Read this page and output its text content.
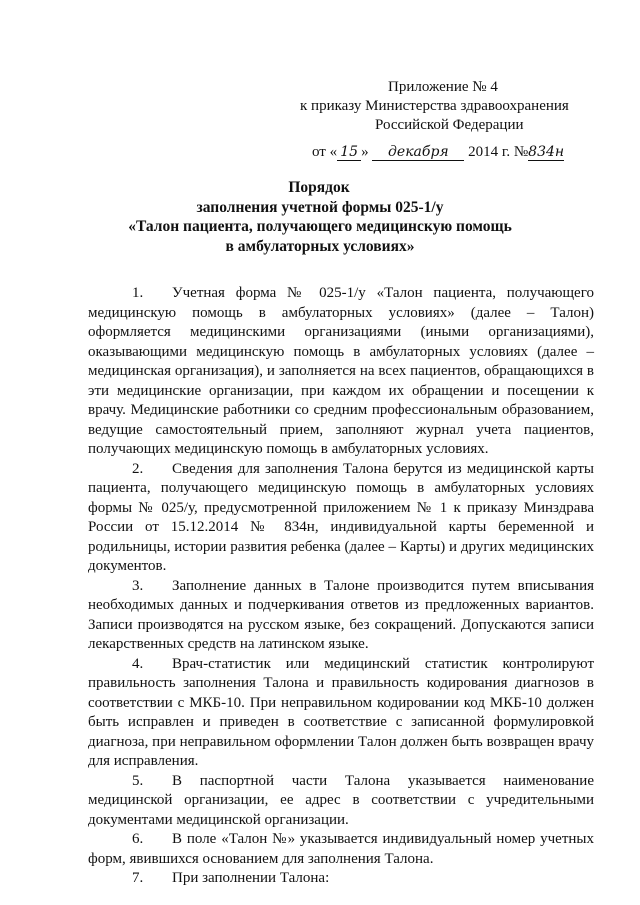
Приложение № 4
к приказу Министерства здравоохранения
Российской Федерации
от « 15 » декабря 2014 г. №834н
Порядок
заполнения учетной формы 025-1/у
«Талон пациента, получающего медицинскую помощь
в амбулаторных условиях»

1. Учетная форма № 025-1/у «Талон пациента, получающего медицинскую помощь в амбулаторных условиях» (далее – Талон) оформляется медицинскими организациями (иными организациями), оказывающими медицинскую помощь в амбулаторных условиях (далее – медицинская организация), и заполняется на всех пациентов, обращающихся в эти медицинские организации, при каждом их обращении и посещении к врачу. Медицинские работники со средним профессиональным образованием, ведущие самостоятельный прием, заполняют журнал учета пациентов, получающих медицинскую помощь в амбулаторных условиях.

2. Сведения для заполнения Талона берутся из медицинской карты пациента, получающего медицинскую помощь в амбулаторных условиях формы № 025/у, предусмотренной приложением № 1 к приказу Минздрава России от 15.12.2014 № 834н, индивидуальной карты беременной и родильницы, истории развития ребенка (далее – Карты) и других медицинских документов.

3. Заполнение данных в Талоне производится путем вписывания необходимых данных и подчеркивания ответов из предложенных вариантов. Записи производятся на русском языке, без сокращений. Допускаются записи лекарственных средств на латинском языке.

4. Врач-статистик или медицинский статистик контролируют правильность заполнения Талона и правильность кодирования диагнозов в соответствии с МКБ-10. При неправильном кодировании код МКБ-10 должен быть исправлен и приведен в соответствие с записанной формулировкой диагноза, при неправильном оформлении Талон должен быть возвращен врачу для исправления.

5. В паспортной части Талона указывается наименование медицинской организации, ее адрес в соответствии с учредительными документами медицинской организации.

6. В поле «Талон №» указывается индивидуальный номер учетных форм, явившихся основанием для заполнения Талона.

7. При заполнении Талона:
